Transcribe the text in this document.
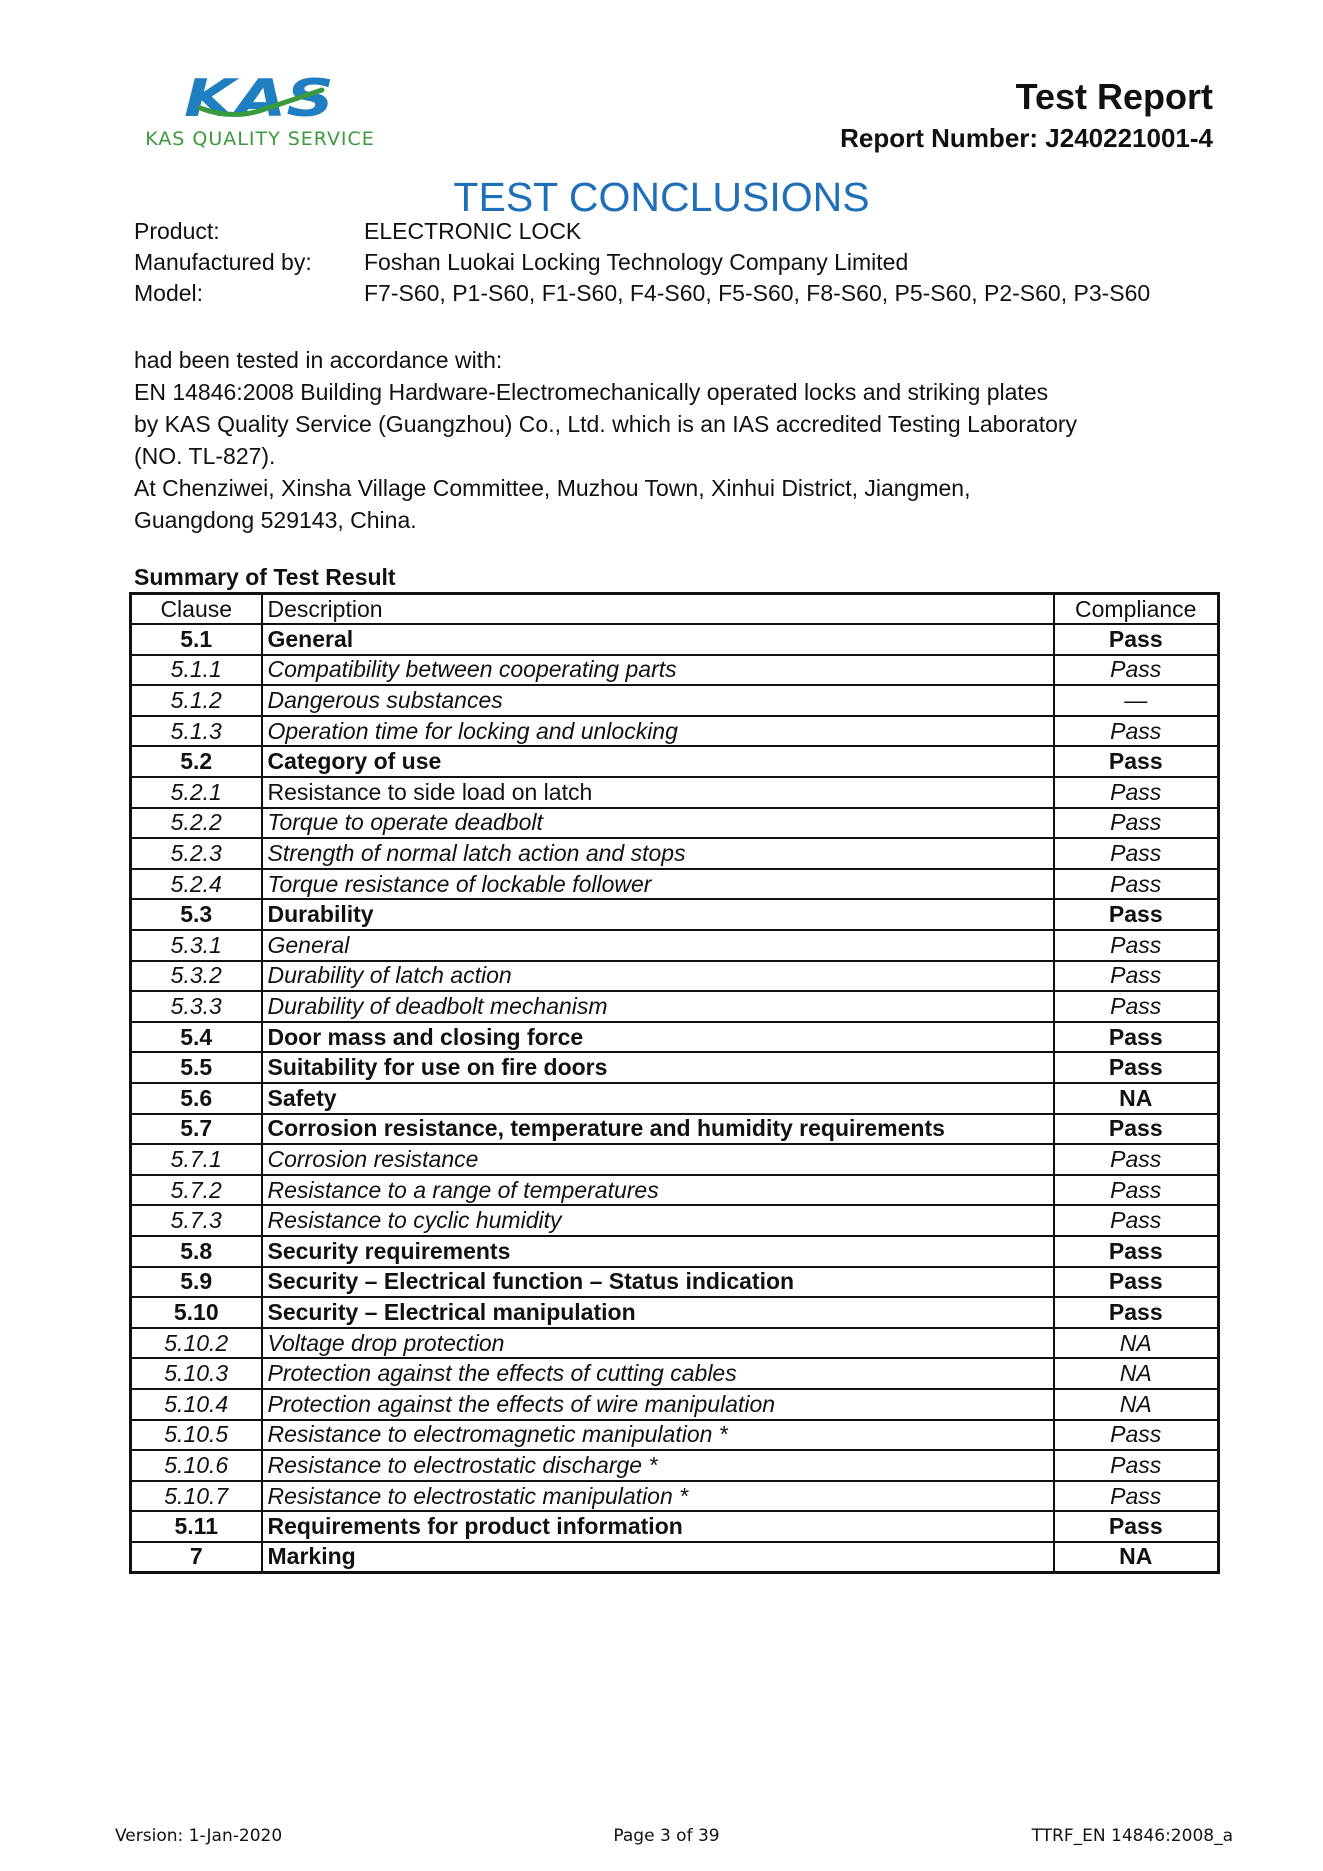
KAS
KAS QUALITY SERVICE
Test Report
Report Number: J240221001-4
TEST CONCLUSIONS
Product:	ELECTRONIC LOCK
Manufactured by: Foshan Luokai Locking Technology Company Limited
Model:	F7-S60, P1-S60, F1-S60, F4-S60, F5-S60, F8-S60, P5-S60, P2-S60, P3-S60
had been tested in accordance with:
EN 14846:2008 Building Hardware-Electromechanically operated locks and striking plates
by KAS Quality Service (Guangzhou) Co., Ltd. which is an IAS accredited Testing Laboratory
(NO. TL-827).
At Chenziwei, Xinsha Village Committee, Muzhou Town, Xinhui District, Jiangmen,
Guangdong 529143, China.
Summary of Test Result
Clause	Description	Compliance
5.1	General	Pass
5.1.1	Compatibility between cooperating parts	Pass
5.1.2	Dangerous substances	—
5.1.3	Operation time for locking and unlocking	Pass
5.2	Category of use	Pass
5.2.1	Resistance to side load on latch	Pass
5.2.2	Torque to operate deadbolt	Pass
5.2.3	Strength of normal latch action and stops	Pass
5.2.4	Torque resistance of lockable follower	Pass
5.3	Durability	Pass
5.3.1	General	Pass
5.3.2	Durability of latch action	Pass
5.3.3	Durability of deadbolt mechanism	Pass
5.4	Door mass and closing force	Pass
5.5	Suitability for use on fire doors	Pass
5.6	Safety	NA
5.7	Corrosion resistance, temperature and humidity requirements	Pass
5.7.1	Corrosion resistance	Pass
5.7.2	Resistance to a range of temperatures	Pass
5.7.3	Resistance to cyclic humidity	Pass
5.8	Security requirements	Pass
5.9	Security – Electrical function – Status indication	Pass
5.10	Security – Electrical manipulation	Pass
5.10.2	Voltage drop protection	NA
5.10.3	Protection against the effects of cutting cables	NA
5.10.4	Protection against the effects of wire manipulation	NA
5.10.5	Resistance to electromagnetic manipulation *	Pass
5.10.6	Resistance to electrostatic discharge *	Pass
5.10.7	Resistance to electrostatic manipulation *	Pass
5.11	Requirements for product information	Pass
7	Marking	NA
Version: 1-Jan-2020	Page 3 of 39	TTRF_EN 14846:2008_a
